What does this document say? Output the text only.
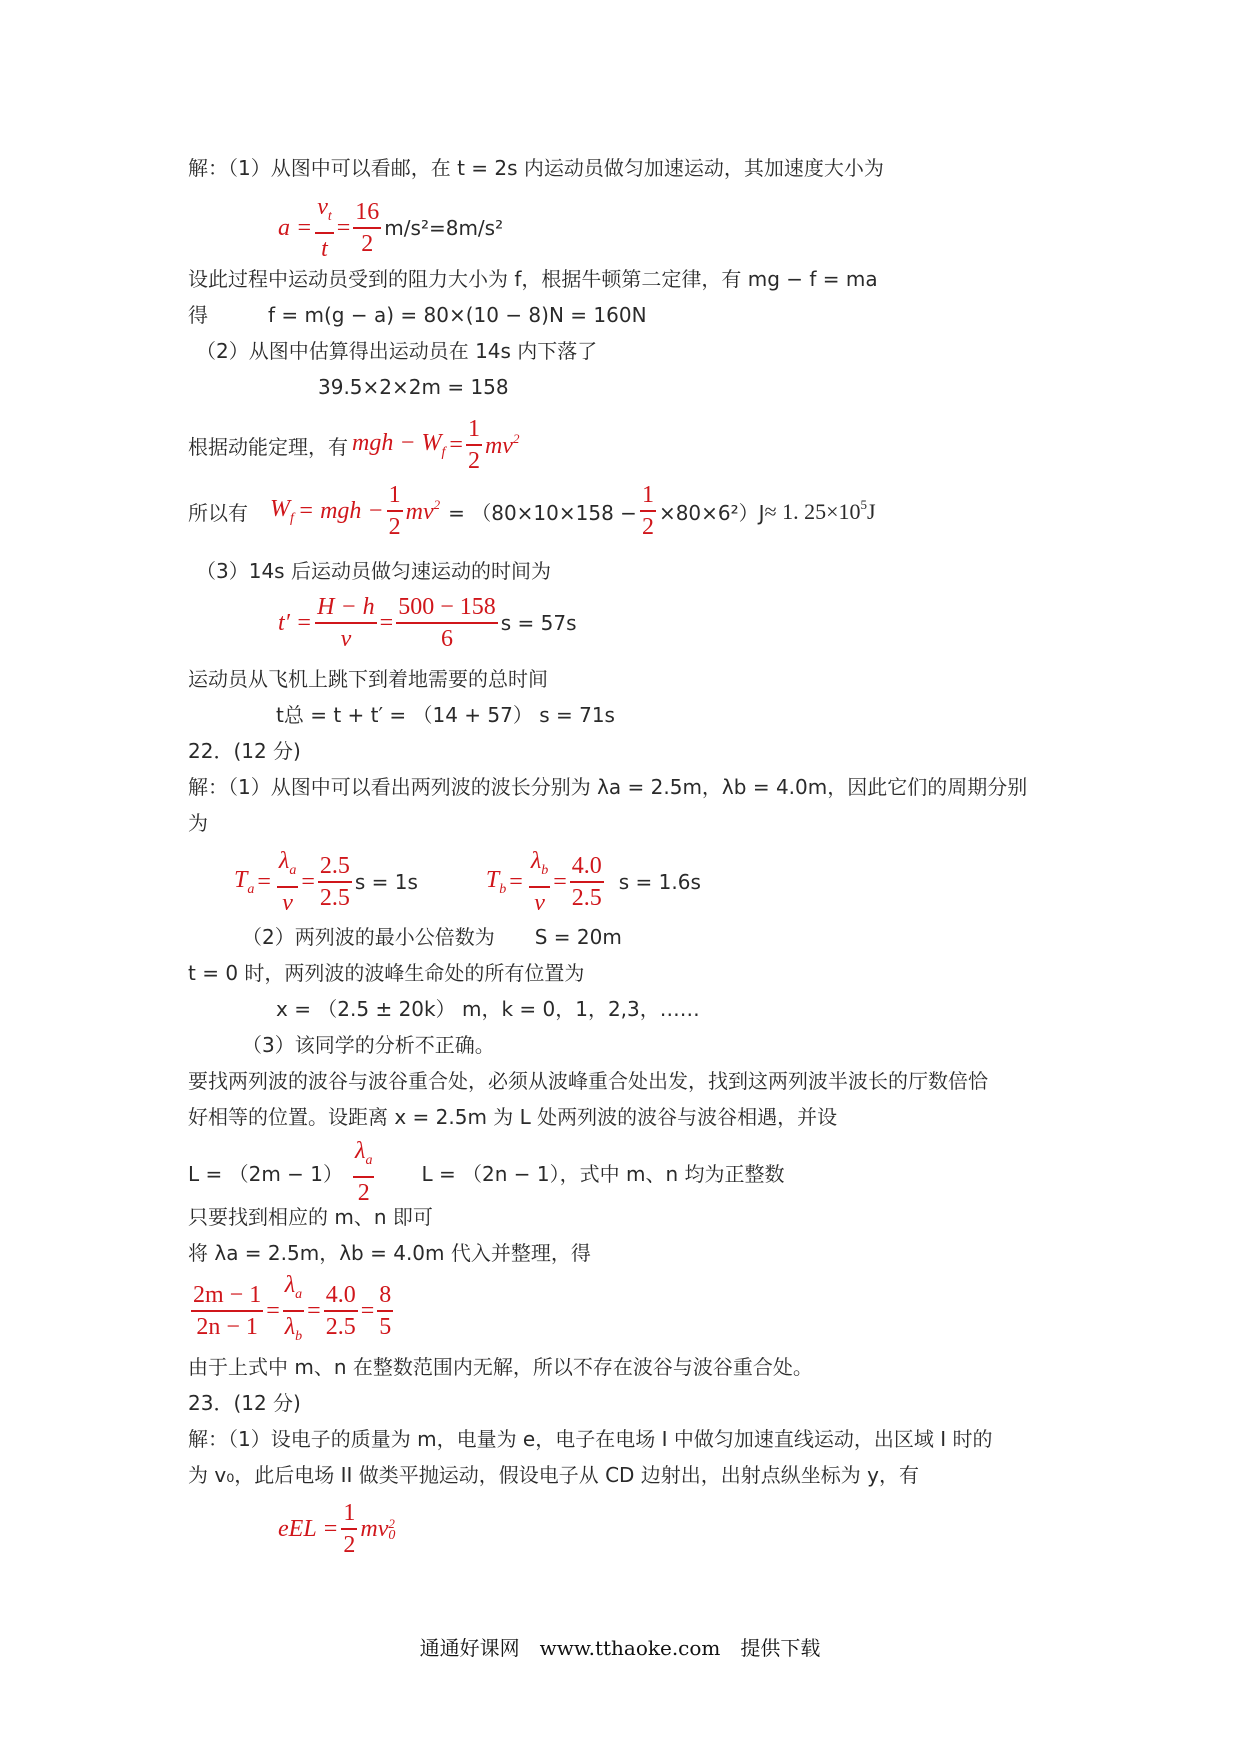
解：（1）从图中可以看邮，在 t = 2s 内运动员做匀加速运动，其加速度大小为
$a = \frac{v_t}{t} = \frac{16}{2} m/s^2=8m/s^2$
设此过程中运动员受到的阻力大小为 f，根据牛顿第二定律，有 mg − f = ma
得　　　f = m(g − a) = 80×(10 − 8)N = 160N
（2）从图中估算得出运动员在 14s 内下落了
39.5×2×2m = 158
根据动能定理，有 mgh − $W_f = \frac{1}{2} mv^2$
所以有 $W_f$ = mgh − $\frac{1}{2} mv^2 = (80\times 10\times 158 - \frac{1}{2} \times 80\times 6^2)J \approx 1$. $25\times 10^5J$
（3）14s 后运动员做匀速运动的时间为
$t' = \frac{H - h}{v} = \frac{500 - 158}{6}$ s = 57s
运动员从飞机上跳下到着地需要的总时间
t总 = t + t′ = （14 + 57） s = 71s
22．(12 分)
解：（1）从图中可以看出两列波的波长分别为 λa = 2.5m，λb = 4.0m，因此它们的周期分别
为
$T_a = \frac{\lambda_a}{v} = \frac{2.5}{2.5}$ s = 1s	$T_b = \frac{\lambda_b}{v} = \frac{4.0}{2.5}$ s = 1.6s
（2）两列波的最小公倍数为　　S = 20m
t = 0 时，两列波的波峰生命处的所有位置为
x = （2.5 ± 20k） m，k = 0，1，2,3，……
（3）该同学的分析不正确。
要找两列波的波谷与波谷重合处，必须从波峰重合处出发，找到这两列波半波长的厅数倍恰
好相等的位置。设距离 x = 2.5m 为 L 处两列波的波谷与波谷相遇，并设
$L = (2m - 1) \frac{\lambda_a}{2}$ L = （2n − 1），式中 m、n 均为正整数
只要找到相应的 m、n 即可
将 λa = 2.5m，λb = 4.0m 代入并整理，得
$\frac{2m - 1}{2n - 1} = \frac{\lambda_a}{\lambda_b} = \frac{4.0}{2.5} = \frac{8}{5}$
由于上式中 m、n 在整数范围内无解，所以不存在波谷与波谷重合处。
23．(12 分)
解：（1）设电子的质量为 m，电量为 e，电子在电场 I 中做匀加速直线运动，出区域 I 时的
为 v₀，此后电场 II 做类平抛运动，假设电子从 CD 边射出，出射点纵坐标为 y，有
eEL = $\frac{1}{2}$ mv 2
0
通通好课网　www.tthaoke.com　提供下载
